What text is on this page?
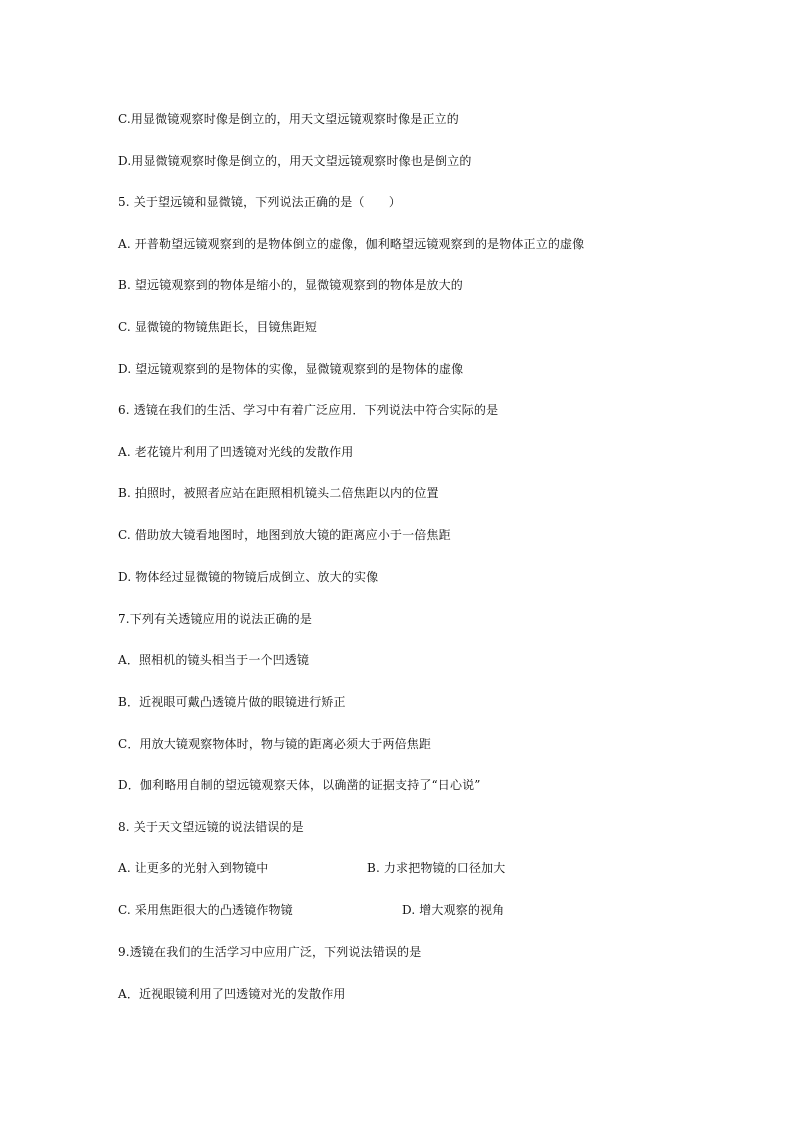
C.用显微镜观察时像是倒立的，用天文望远镜观察时像是正立的
D.用显微镜观察时像是倒立的，用天文望远镜观察时像也是倒立的
5. 关于望远镜和显微镜，下列说法正确的是（　　）
A. 开普勒望远镜观察到的是物体倒立的虚像，伽利略望远镜观察到的是物体正立的虚像
B. 望远镜观察到的物体是缩小的，显微镜观察到的物体是放大的
C. 显微镜的物镜焦距长，目镜焦距短
D. 望远镜观察到的是物体的实像，显微镜观察到的是物体的虚像
6. 透镜在我们的生活、学习中有着广泛应用．下列说法中符合实际的是
A. 老花镜片利用了凹透镜对光线的发散作用
B. 拍照时，被照者应站在距照相机镜头二倍焦距以内的位置
C. 借助放大镜看地图时，地图到放大镜的距离应小于一倍焦距
D. 物体经过显微镜的物镜后成倒立、放大的实像
7.下列有关透镜应用的说法正确的是
A．照相机的镜头相当于一个凹透镜
B．近视眼可戴凸透镜片做的眼镜进行矫正
C．用放大镜观察物体时，物与镜的距离必须大于两倍焦距
D．伽利略用自制的望远镜观察天体，以确凿的证据支持了“日心说”
8. 关于天文望远镜的说法错误的是
A. 让更多的光射入到物镜中	B. 力求把物镜的口径加大
C. 采用焦距很大的凸透镜作物镜	D. 增大观察的视角
9.透镜在我们的生活学习中应用广泛，下列说法错误的是
A．近视眼镜利用了凹透镜对光的发散作用
